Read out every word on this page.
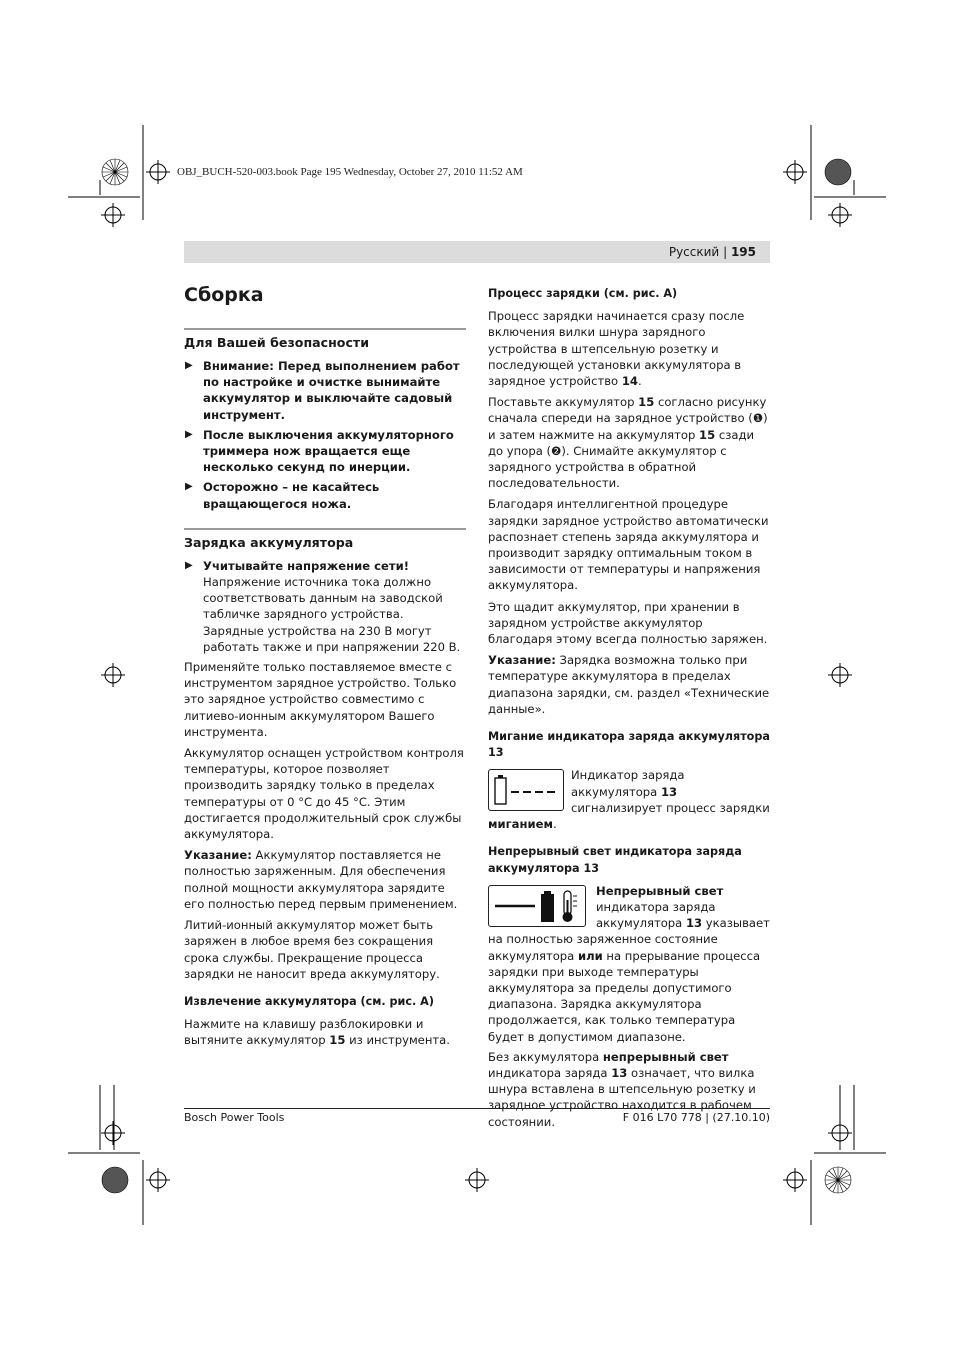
OBJ_BUCH-520-003.book Page 195 Wednesday, October 27, 2010 11:52 AM
Русский | 195
Сборка
Для Вашей безопасности
▶ Внимание: Перед выполнением работ по настройке и очистке вынимайте аккумулятор и выключайте садовый инструмент.
▶ После выключения аккумуляторного триммера нож вращается еще несколько секунд по инерции.
▶ Осторожно – не касайтесь вращающегося ножа.
Зарядка аккумулятора
▶ Учитывайте напряжение сети!
Напряжение источника тока должно соответствовать данным на заводской табличке зарядного устройства. Зарядные устройства на 230 В могут работать также и при напряжении 220 В.

Применяйте только поставляемое вместе с инструментом зарядное устройство. Только это зарядное устройство совместимо с литиево-ионным аккумулятором Вашего инструмента.

Аккумулятор оснащен устройством контроля температуры, которое позволяет производить зарядку только в пределах температуры от 0 °C до 45 °C. Этим достигается продолжительный срок службы аккумулятора.

Указание: Аккумулятор поставляется не полностью заряженным. Для обеспечения полной мощности аккумулятора зарядите его полностью перед первым применением.

Литий-ионный аккумулятор может быть заряжен в любое время без сокращения срока службы. Прекращение процесса зарядки не наносит вреда аккумулятору.

Извлечение аккумулятора (см. рис. A)

Нажмите на клавишу разблокировки и вытяните аккумулятор 15 из инструмента.

Процесс зарядки (см. рис. A)

Процесс зарядки начинается сразу после включения вилки шнура зарядного устройства в штепсельную розетку и последующей установки аккумулятора в зарядное устройство 14.

Поставьте аккумулятор 15 согласно рисунку сначала спереди на зарядное устройство (❶) и затем нажмите на аккумулятор 15 сзади до упора (❷). Снимайте аккумулятор с зарядного устройства в обратной последовательности.

Благодаря интеллигентной процедуре зарядки зарядное устройство автоматически распознает степень заряда аккумулятора и производит зарядку оптимальным током в зависимости от температуры и напряжения аккумулятора.

Это щадит аккумулятор, при хранении в зарядном устройстве аккумулятор благодаря этому всегда полностью заряжен.

Указание: Зарядка возможна только при температуре аккумулятора в пределах диапазона зарядки, см. раздел «Технические данные».

Мигание индикатора заряда аккумулятора 13
Индикатор заряда аккумулятора 13 сигнализирует процесс зарядки миганием.
Непрерывный свет индикатора заряда аккумулятора 13
Непрерывный свет индикатора заряда аккумулятора 13 указывает на полностью заряженное состояние аккумулятора или на прерывание процесса зарядки при выходе температуры аккумулятора за пределы допустимого диапазона. Зарядка аккумулятора продолжается, как только температура будет в допустимом диапазоне.

Без аккумулятора непрерывный свет индикатора заряда 13 означает, что вилка шнура вставлена в штепсельную розетку и зарядное устройство находится в рабочем состоянии.

Bosch Power Tools	F 016 L70 778 | (27.10.10)
